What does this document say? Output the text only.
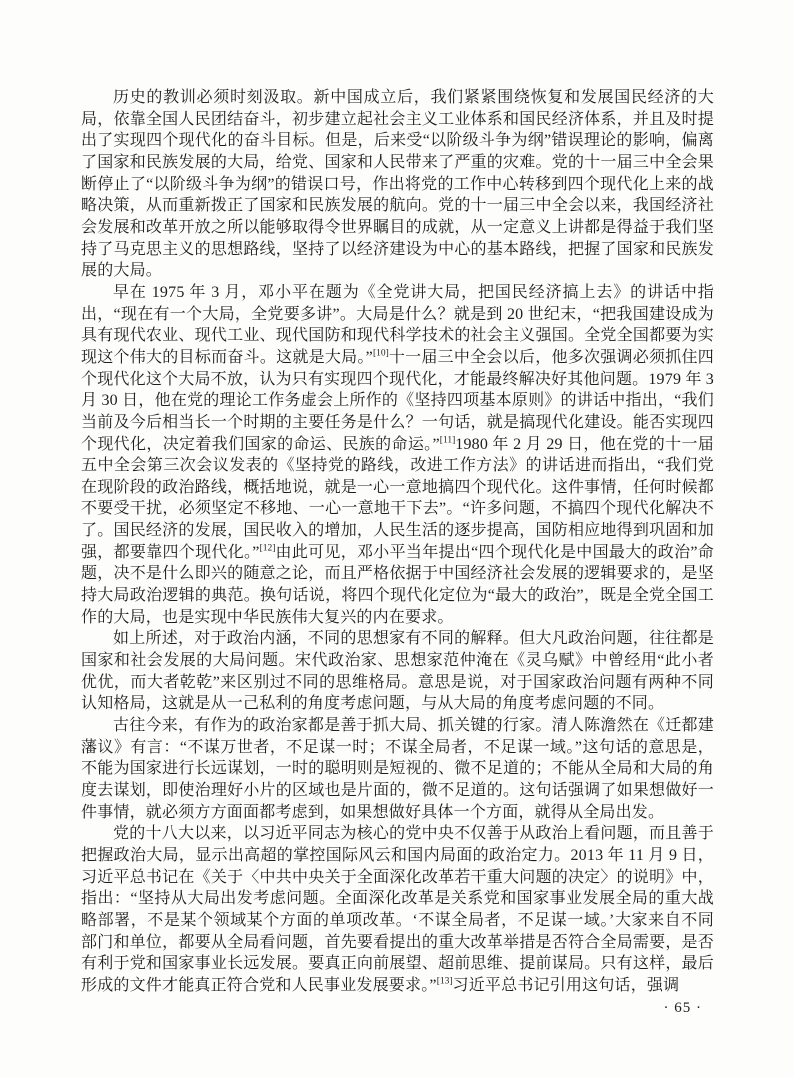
历史的教训必须时刻汲取。新中国成立后，我们紧紧围绕恢复和发展国民经济的大局，依靠全国人民团结奋斗，初步建立起社会主义工业体系和国民经济体系，并且及时提出了实现四个现代化的奋斗目标。但是，后来受“以阶级斗争为纲”错误理论的影响，偏离了国家和民族发展的大局，给党、国家和人民带来了严重的灾难。党的十一届三中全会果断停止了“以阶级斗争为纲”的错误口号，作出将党的工作中心转移到四个现代化上来的战略决策，从而重新拨正了国家和民族发展的航向。党的十一届三中全会以来，我国经济社会发展和改革开放之所以能够取得令世界瞩目的成就，从一定意义上讲都是得益于我们坚持了马克思主义的思想路线，坚持了以经济建设为中心的基本路线，把握了国家和民族发展的大局。

早在 1975 年 3 月，邓小平在题为《全党讲大局，把国民经济搞上去》的讲话中指出，“现在有一个大局，全党要多讲”。大局是什么？就是到 20 世纪末，“把我国建设成为具有现代农业、现代工业、现代国防和现代科学技术的社会主义强国。全党全国都要为实现这个伟大的目标而奋斗。这就是大局。”[10]十一届三中全会以后，他多次强调必须抓住四个现代化这个大局不放，认为只有实现四个现代化，才能最终解决好其他问题。1979 年 3 月 30 日，他在党的理论工作务虚会上所作的《坚持四项基本原则》的讲话中指出，“我们当前及今后相当长一个时期的主要任务是什么？一句话，就是搞现代化建设。能否实现四个现代化，决定着我们国家的命运、民族的命运。”[11]1980 年 2 月 29 日，他在党的十一届五中全会第三次会议发表的《坚持党的路线，改进工作方法》的讲话进而指出，“我们党在现阶段的政治路线，概括地说，就是一心一意地搞四个现代化。这件事情，任何时候都不要受干扰，必须坚定不移地、一心一意地干下去”。“许多问题，不搞四个现代化解决不了。国民经济的发展，国民收入的增加，人民生活的逐步提高，国防相应地得到巩固和加强，都要靠四个现代化。”[12]由此可见，邓小平当年提出“四个现代化是中国最大的政治”命题，决不是什么即兴的随意之论，而且严格依据于中国经济社会发展的逻辑要求的，是坚持大局政治逻辑的典范。换句话说，将四个现代化定位为“最大的政治”，既是全党全国工作的大局，也是实现中华民族伟大复兴的内在要求。

如上所述，对于政治内涵，不同的思想家有不同的解释。但大凡政治问题，往往都是国家和社会发展的大局问题。宋代政治家、思想家范仲淹在《灵乌赋》中曾经用“此小者优优，而大者乾乾”来区别过不同的思维格局。意思是说，对于国家政治问题有两种不同认知格局，这就是从一己私利的角度考虑问题，与从大局的角度考虑问题的不同。

古往今来，有作为的政治家都是善于抓大局、抓关键的行家。清人陈澹然在《迁都建藩议》有言：“不谋万世者，不足谋一时；不谋全局者，不足谋一域。”这句话的意思是，不能为国家进行长远谋划，一时的聪明则是短视的、微不足道的；不能从全局和大局的角度去谋划，即使治理好小片的区域也是片面的，微不足道的。这句话强调了如果想做好一件事情，就必须方方面面都考虑到，如果想做好具体一个方面，就得从全局出发。

党的十八大以来，以习近平同志为核心的党中央不仅善于从政治上看问题，而且善于把握政治大局，显示出高超的掌控国际风云和国内局面的政治定力。2013 年 11 月 9 日，习近平总书记在《关于〈中共中央关于全面深化改革若干重大问题的决定〉的说明》中，指出：“坚持从大局出发考虑问题。全面深化改革是关系党和国家事业发展全局的重大战略部署，不是某个领域某个方面的单项改革。‘不谋全局者，不足谋一域。’大家来自不同部门和单位，都要从全局看问题，首先要看提出的重大改革举措是否符合全局需要，是否有利于党和国家事业长远发展。要真正向前展望、超前思维、提前谋局。只有这样，最后形成的文件才能真正符合党和人民事业发展要求。”[13]习近平总书记引用这句话，强调

· 65 ·
